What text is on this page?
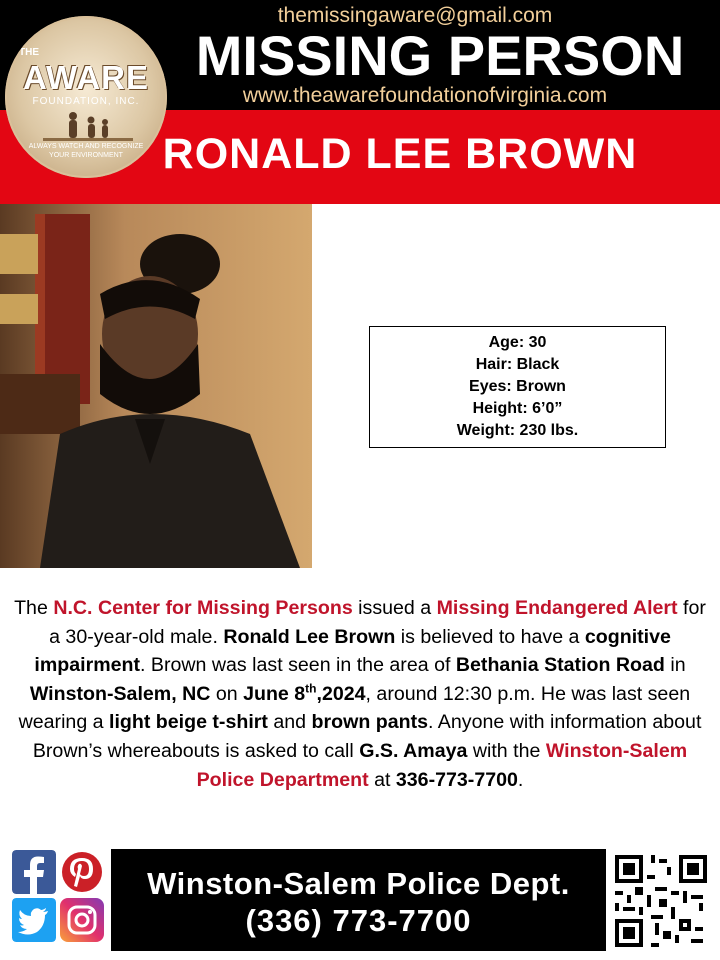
themissingaware@gmail.com
MISSING PERSON
www.theawarefoundationofvirginia.com
RONALD LEE BROWN
THE
AWARE
FOUNDATION, INC.
ALWAYS WATCH AND RECOGNIZE YOUR ENVIRONMENT
Age: 30
Hair: Black
Eyes: Brown
Height: 6’0”
Weight: 230 lbs.
The N.C. Center for Missing Persons issued a Missing Endangered Alert for a 30-year-old male. Ronald Lee Brown is believed to have a cognitive impairment. Brown was last seen in the area of Bethania Station Road in Winston-Salem, NC on June 8th,2024, around 12:30 p.m. He was last seen wearing a light beige t-shirt and brown pants. Anyone with information about Brown’s whereabouts is asked to call G.S. Amaya with the Winston-Salem Police Department at 336-773-7700.
Winston-Salem Police Dept.
(336) 773-7700
